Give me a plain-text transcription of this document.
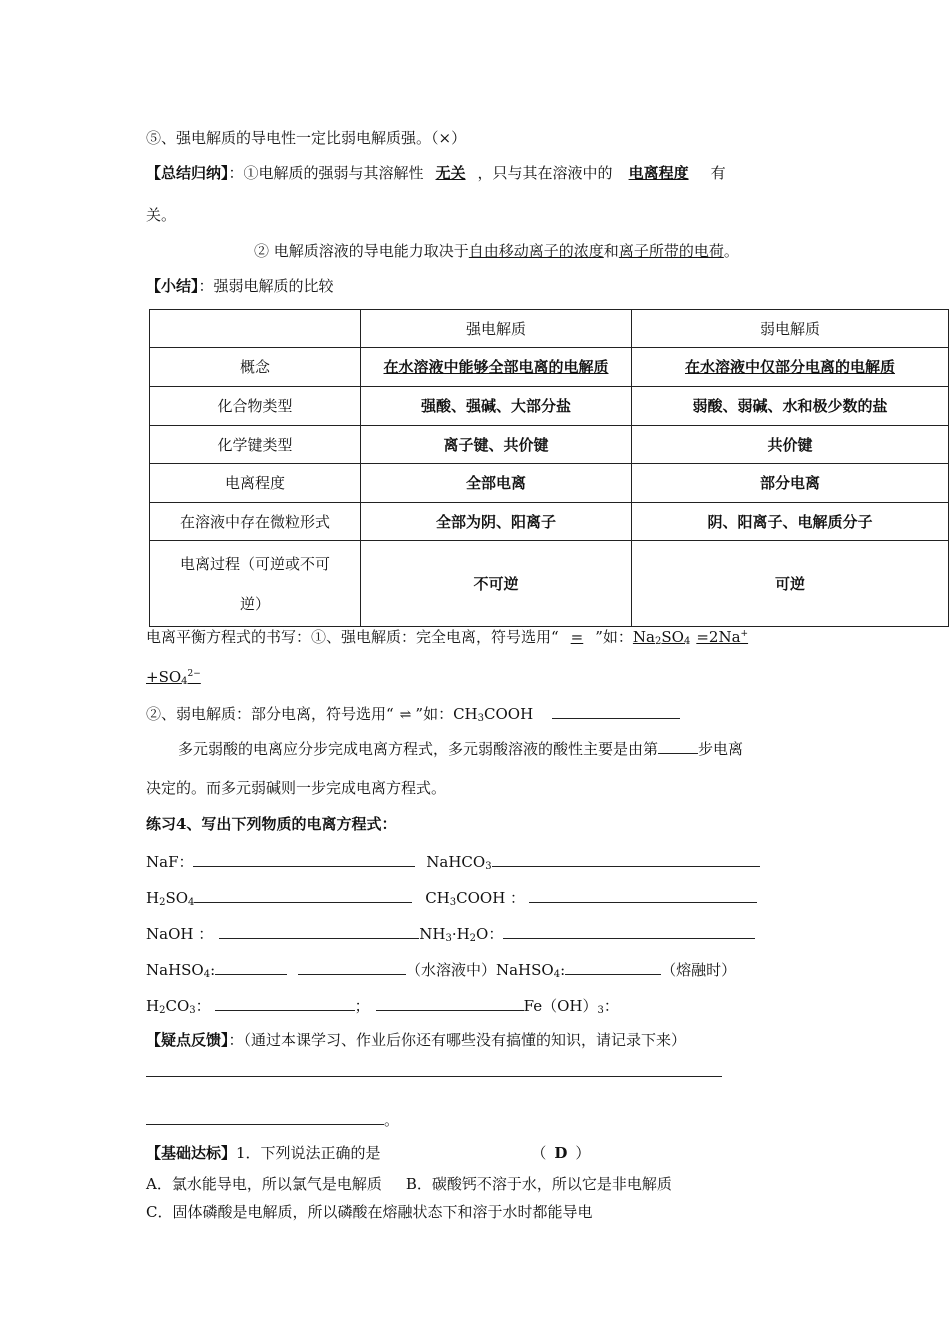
⑤、强电解质的导电性一定比弱电解质强。（×）
【总结归纳】：①电解质的强弱与其溶解性 无关 ，只与其在溶液中的 电离程度 有
关。
② 电解质溶液的导电能力取决于自由移动离子的浓度和离子所带的电荷。
【小结】：强弱电解质的比较
	强电解质	弱电解质
概念	在水溶液中能够全部电离的电解质	在水溶液中仅部分电离的电解质
化合物类型	强酸、强碱、大部分盐	弱酸、弱碱、水和极少数的盐
化学键类型	离子键、共价键	共价键
电离程度	全部电离	部分电离
在溶液中存在微粒形式	全部为阴、阳离子	阴、阳离子、电解质分子
电离过程（可逆或不可
逆）	不可逆	可逆
电离平衡方程式的书写：①、强电解质：完全电离，符号选用“ = ”如：$Na_2SO_4 =2Na^+$
$+SO_4^{2-}$
②、弱电解质：部分电离，符号选用“ ⇌ ”如：$CH_3COOH$
多元弱酸的电离应分步完成电离方程式，多元弱酸溶液的酸性主要是由第	步电离
决定的。而多元弱碱则一步完成电离方程式。
练习4、写出下列物质的电离方程式：
NaF：	NaHCO$_3$
$H_2SO_4$	$CH_3COOH$ ：
NaOH ：	$NH_3\cdot H_2O$：
NaHSO$_4$:	（水溶液中）NaHSO$_4$:	（熔融时）
$H_2CO_3$：	；	$Fe(OH)_3$：
【疑点反馈】：（通过本课学习、作业后你还有哪些没有搞懂的知识，请记录下来）
。
【基础达标】1．下列说法正确的是	（ D ）
A．氯水能导电，所以氯气是电解质 B．碳酸钙不溶于水，所以它是非电解质
C．固体磷酸是电解质，所以磷酸在熔融状态下和溶于水时都能导电
